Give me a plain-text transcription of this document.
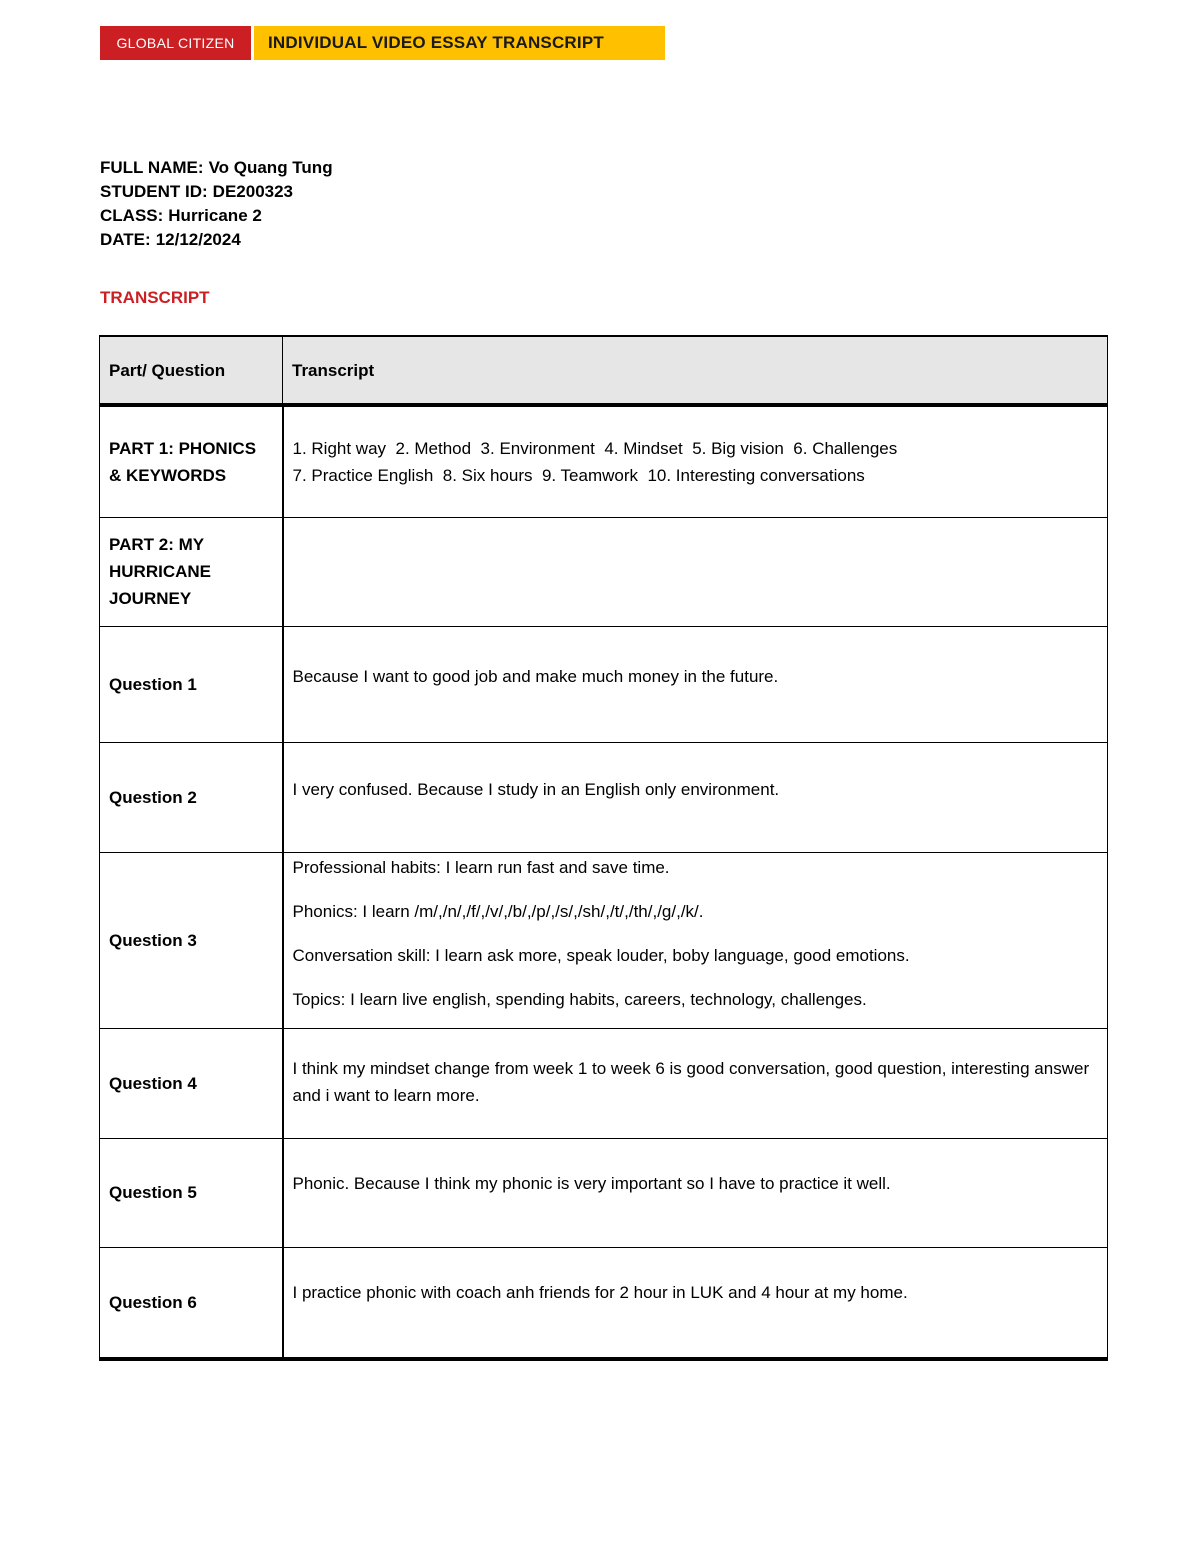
GLOBAL CITIZEN	INDIVIDUAL VIDEO ESSAY TRANSCRIPT
FULL NAME: Vo Quang Tung
STUDENT ID: DE200323
CLASS: Hurricane 2
DATE: 12/12/2024
TRANSCRIPT
Part/ Question	Transcript
PART 1: PHONICS & KEYWORDS	1. Right way  2. Method  3. Environment  4. Mindset  5. Big vision  6. Challenges
7. Practice English  8. Six hours  9. Teamwork  10. Interesting conversations

PART 2: MY HURRICANE JOURNEY	
Question 1	Because I want to good job and make much money in the future.

Question 2	I very confused. Because I study in an English only environment.

Question 3	Professional habits: I learn run fast and save time.
Phonics: I learn /m/,/n/,/f/,/v/,/b/,/p/,/s/,/sh/,/t/,/th/,/g/,/k/.
Conversation skill: I learn ask more, speak louder, boby language, good emotions.
Topics: I learn live english, spending habits, careers, technology, challenges.

Question 4	I think my mindset change from week 1 to week 6 is good conversation, good question, interesting answer and i want to learn more.

Question 5	Phonic. Because I think my phonic is very important so I have to practice it well.

Question 6	I practice phonic with coach anh friends for 2 hour in LUK and 4 hour at my home.
